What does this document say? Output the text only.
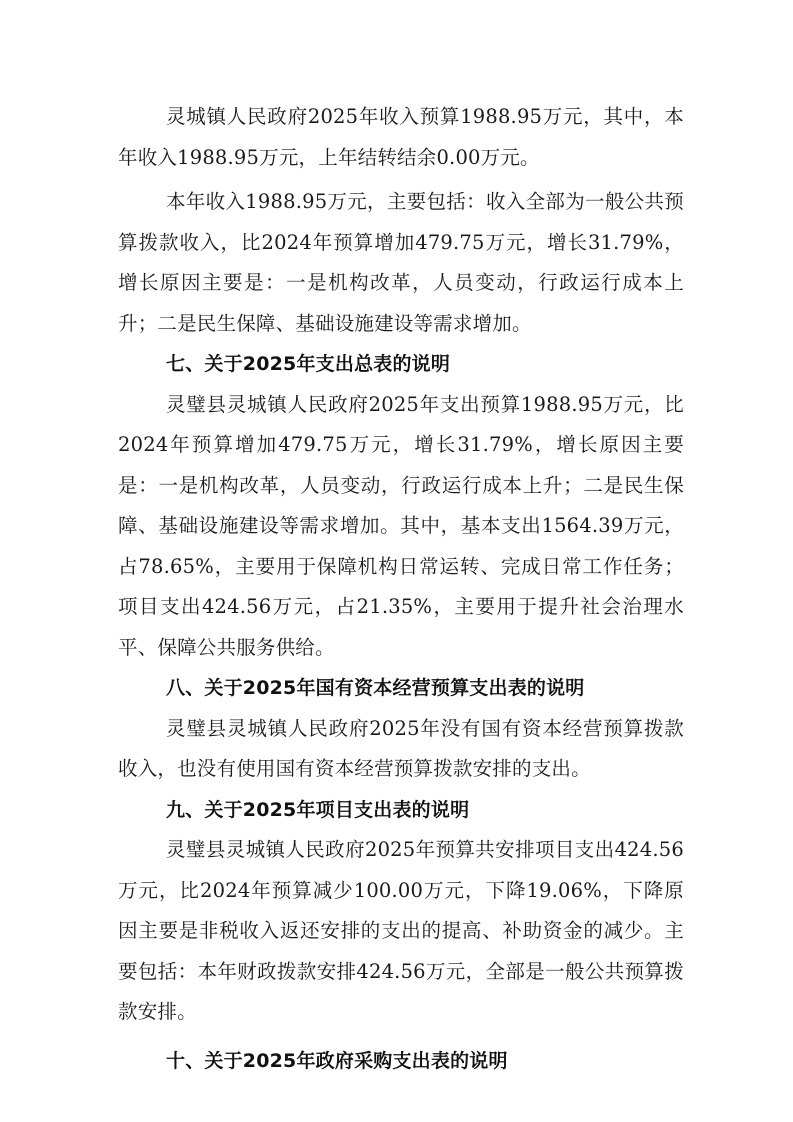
灵城镇人民政府2025年收入预算1988.95万元，其中，本年收入1988.95万元，上年结转结余0.00万元。

本年收入1988.95万元，主要包括：收入全部为一般公共预算拨款收入，比2024年预算增加479.75万元，增长31.79%，增长原因主要是：一是机构改革，人员变动，行政运行成本上升；二是民生保障、基础设施建设等需求增加。

七、关于2025年支出总表的说明

灵璧县灵城镇人民政府2025年支出预算1988.95万元，比2024年预算增加479.75万元，增长31.79%，增长原因主要是：一是机构改革，人员变动，行政运行成本上升；二是民生保障、基础设施建设等需求增加。其中，基本支出1564.39万元，占78.65%，主要用于保障机构日常运转、完成日常工作任务；项目支出424.56万元，占21.35%，主要用于提升社会治理水平、保障公共服务供给。

八、关于2025年国有资本经营预算支出表的说明

灵璧县灵城镇人民政府2025年没有国有资本经营预算拨款收入，也没有使用国有资本经营预算拨款安排的支出。

九、关于2025年项目支出表的说明

灵璧县灵城镇人民政府2025年预算共安排项目支出424.56万元，比2024年预算减少100.00万元，下降19.06%，下降原因主要是非税收入返还安排的支出的提高、补助资金的减少。主要包括：本年财政拨款安排424.56万元，全部是一般公共预算拨款安排。

十、关于2025年政府采购支出表的说明
